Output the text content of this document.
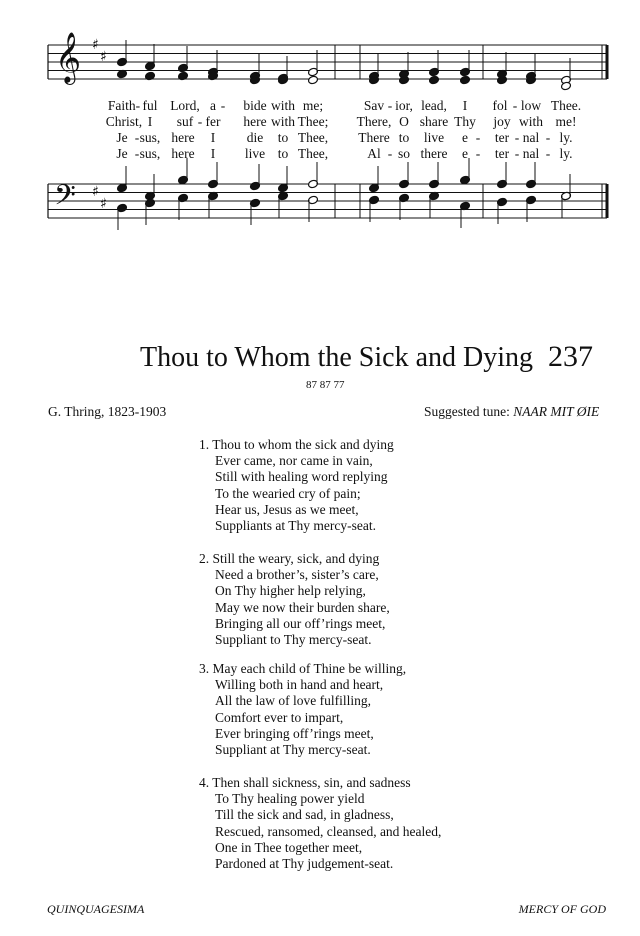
♯
♯
♯
♯
𝄞
𝄢
Faith- ful Lord, a - bide with me;	Sav - ior, lead, I fol - low Thee.
Christ, I suf - fer here with Thee; There, O share Thy joy with me!
Je - sus, here I die to Thee, There to live e - ter - nal - ly.
Je - sus, here I live to Thee,	Al - so there e - ter - nal - ly.
Thou to Whom the Sick and Dying 237
87 87 77
G. Thring, 1823-1903	Suggested tune: NAAR MIT ØIE
1. Thou to whom the sick and dying
Ever came, nor came in vain,
Still with healing word replying
To the wearied cry of pain;
Hear us, Jesus as we meet,
Suppliants at Thy mercy-seat.
2. Still the weary, sick, and dying
Need a brother’s, sister’s care,
On Thy higher help relying,
May we now their burden share,
Bringing all our off’rings meet,
Suppliant to Thy mercy-seat.
3. May each child of Thine be willing,
Willing both in hand and heart,
All the law of love fulfilling,
Comfort ever to impart,
Ever bringing off’rings meet,
Suppliant at Thy mercy-seat.
4. Then shall sickness, sin, and sadness
To Thy healing power yield
Till the sick and sad, in gladness,
Rescued, ransomed, cleansed, and healed,
One in Thee together meet,
Pardoned at Thy judgement-seat.
QUINQUAGESIMA	MERCY OF GOD
